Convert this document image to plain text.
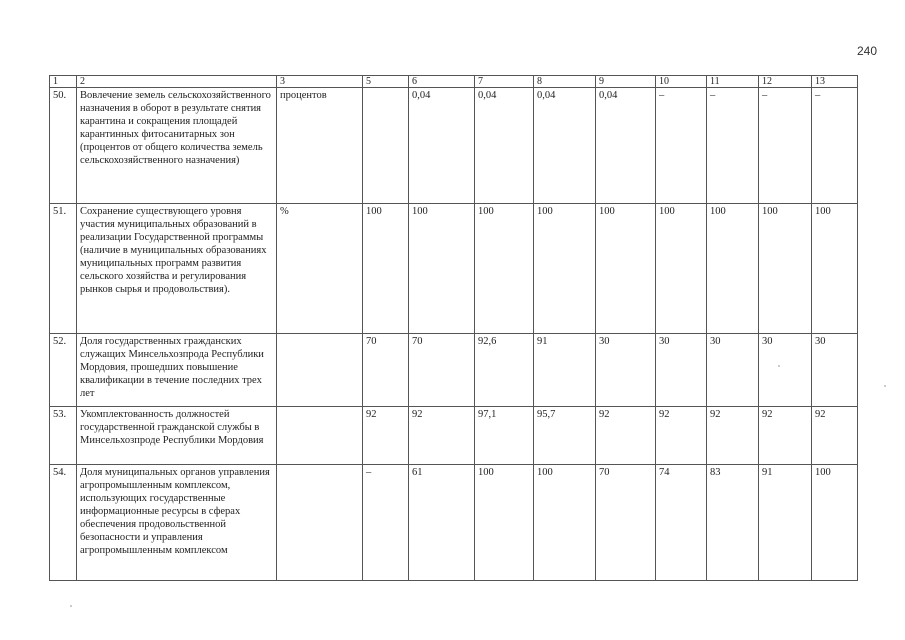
240
1	2	3	5	6	7	8	9	10	11	12	13
50.	Вовлечение земель сельскохозяйственного назначения в оборот в результате снятия карантина и сокращения площадей карантинных фитосанитарных зон (процентов от общего количества земель сельскохозяйственного назначения)	процентов		0,04	0,04	0,04	0,04	–	–	–	–
51.	Сохранение существующего уровня участия муниципальных образований в реализации Государственной программы (наличие в муниципальных образованиях муниципальных программ развития сельского хозяйства и регулирования рынков сырья и продовольствия).	%	100	100	100	100	100	100	100	100	100
52.	Доля государственных гражданских служащих Минсельхозпрода Республики Мордовия, прошедших повышение квалификации в течение последних трех лет		70	70	92,6	91	30	30	30	30	30
53.	Укомплектованность должностей государственной гражданской службы в Минсельхозпроде Республики Мордовия		92	92	97,1	95,7	92	92	92	92	92
54.	Доля муниципальных органов управления агропромышленным комплексом, использующих государственные информационные ресурсы в сферах обеспечения продовольственной безопасности и управления агропромышленным комплексом		–	61	100	100	70	74	83	91	100
